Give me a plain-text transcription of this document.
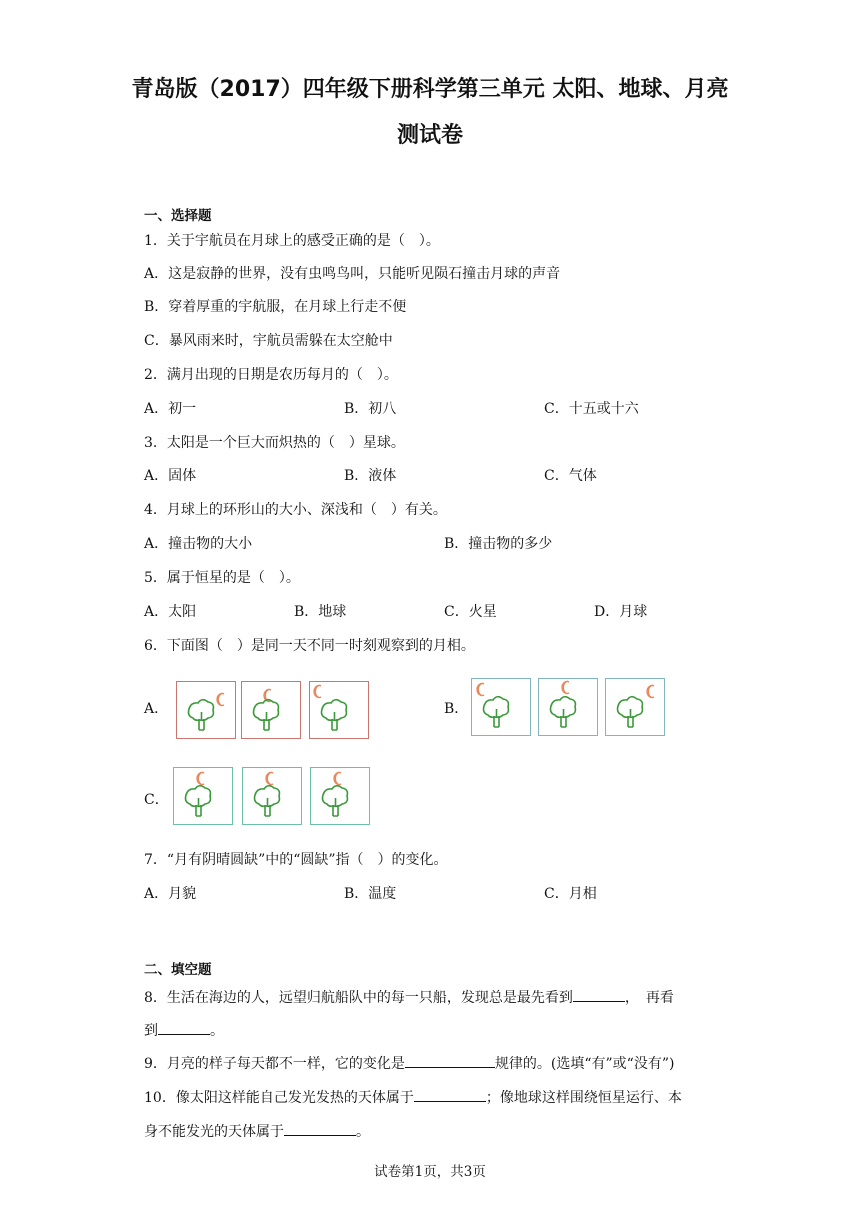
青岛版（2017）四年级下册科学第三单元 太阳、地球、月亮
测试卷
一、选择题
1．关于宇航员在月球上的感受正确的是（　）。
A．这是寂静的世界，没有虫鸣鸟叫，只能听见陨石撞击月球的声音
B．穿着厚重的宇航服，在月球上行走不便
C．暴风雨来时，宇航员需躲在太空舱中
2．满月出现的日期是农历每月的（　）。
A．初一	B．初八	C．十五或十六
3．太阳是一个巨大而炽热的（　）星球。
A．固体	B．液体	C．气体
4．月球上的环形山的大小、深浅和（　）有关。
A．撞击物的大小	B．撞击物的多少
5．属于恒星的是（　）。
A．太阳	B．地球	C．火星	D．月球
6．下面图（　）是同一天不同一时刻观察到的月相。
A．	B．
C．
7．“月有阴晴圆缺”中的“圆缺”指（　）的变化。
A．月貌	B．温度	C．月相
二、填空题
8．生活在海边的人，远望归航船队中的每一只船，发现总是最先看到	，　再看
到	。
9．月亮的样子每天都不一样，它的变化是	规律的。(选填“有”或“没有”)
10．像太阳这样能自己发光发热的天体属于	；像地球这样围绕恒星运行、本
身不能发光的天体属于	。
试卷第1页，共3页
